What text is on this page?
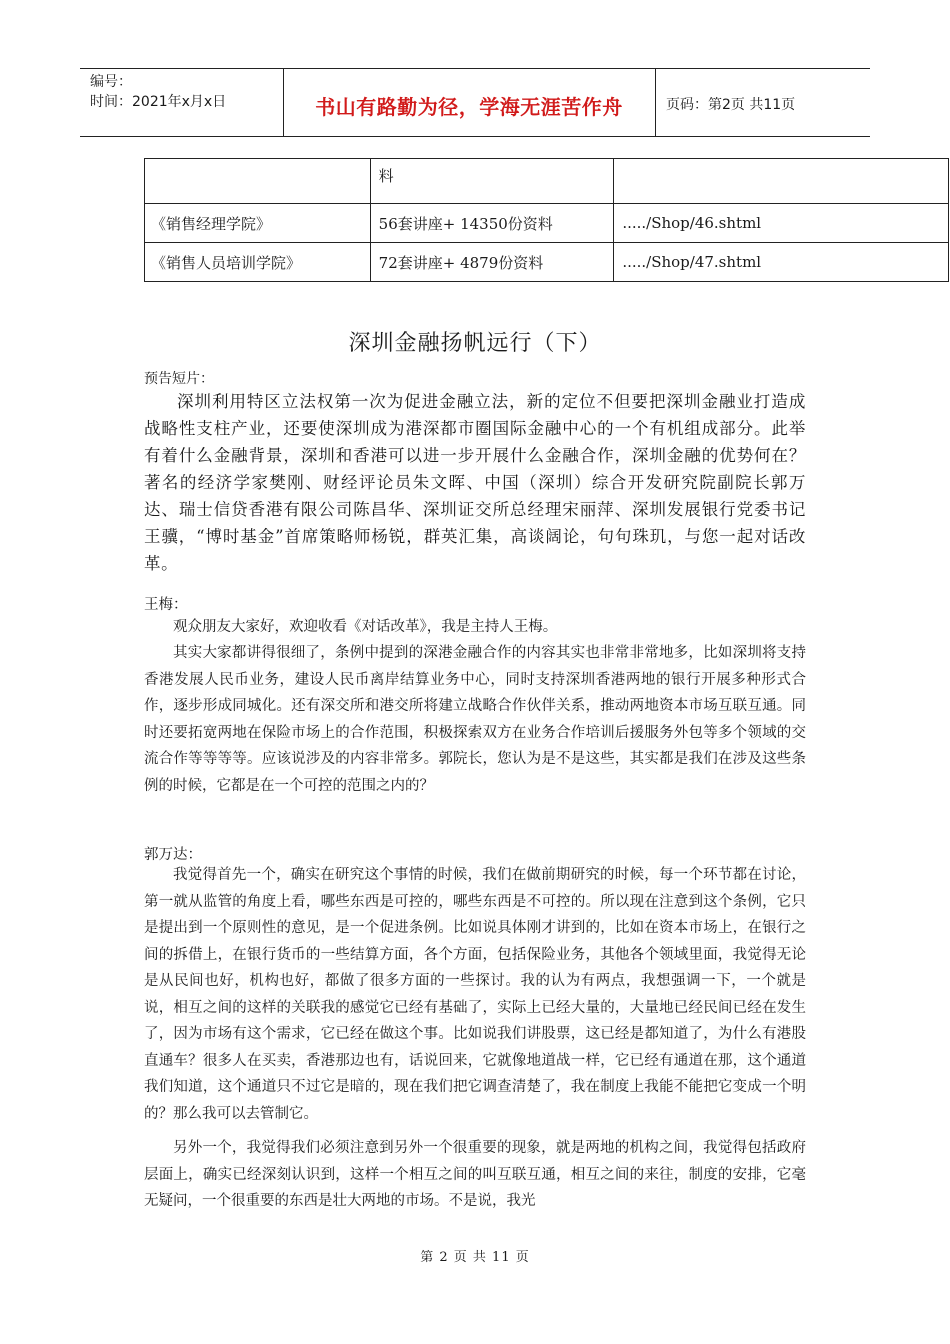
编号：
时间：2021年x月x日	书山有路勤为径，学海无涯苦作舟	页码：第2页 共11页
	料	
《销售经理学院》	56套讲座+ 14350份资料	...../Shop/46.shtml
《销售人员培训学院》	72套讲座+ 4879份资料	...../Shop/47.shtml
深圳金融扬帆远行（下）
预告短片：
深圳利用特区立法权第一次为促进金融立法，新的定位不但要把深圳金融业打造成战略性支柱产业，还要使深圳成为港深都市圈国际金融中心的一个有机组成部分。此举有着什么金融背景，深圳和香港可以进一步开展什么金融合作，深圳金融的优势何在？著名的经济学家樊刚、财经评论员朱文晖、中国（深圳）综合开发研究院副院长郭万达、瑞士信贷香港有限公司陈昌华、深圳证交所总经理宋丽萍、深圳发展银行党委书记王骥，“博时基金”首席策略师杨锐，群英汇集，高谈阔论，句句珠玑，与您一起对话改革。
王梅：

观众朋友大家好，欢迎收看《对话改革》，我是主持人王梅。

其实大家都讲得很细了，条例中提到的深港金融合作的内容其实也非常非常地多，比如深圳将支持香港发展人民币业务，建设人民币离岸结算业务中心，同时支持深圳香港两地的银行开展多种形式合作，逐步形成同城化。还有深交所和港交所将建立战略合作伙伴关系，推动两地资本市场互联互通。同时还要拓宽两地在保险市场上的合作范围，积极探索双方在业务合作培训后援服务外包等多个领域的交流合作等等等等。应该说涉及的内容非常多。郭院长，您认为是不是这些，其实都是我们在涉及这些条例的时候，它都是在一个可控的范围之内的？

郭万达：

我觉得首先一个，确实在研究这个事情的时候，我们在做前期研究的时候，每一个环节都在讨论，第一就从监管的角度上看，哪些东西是可控的，哪些东西是不可控的。所以现在注意到这个条例，它只是提出到一个原则性的意见，是一个促进条例。比如说具体刚才讲到的，比如在资本市场上，在银行之间的拆借上，在银行货币的一些结算方面，各个方面，包括保险业务，其他各个领域里面，我觉得无论是从民间也好，机构也好，都做了很多方面的一些探讨。我的认为有两点，我想强调一下，一个就是说，相互之间的这样的关联我的感觉它已经有基础了，实际上已经大量的，大量地已经民间已经在发生了，因为市场有这个需求，它已经在做这个事。比如说我们讲股票，这已经是都知道了，为什么有港股直通车？很多人在买卖，香港那边也有，话说回来，它就像地道战一样，它已经有通道在那，这个通道我们知道，这个通道只不过它是暗的，现在我们把它调查清楚了，我在制度上我能不能把它变成一个明的？那么我可以去管制它。

另外一个，我觉得我们必须注意到另外一个很重要的现象，就是两地的机构之间，我觉得包括政府层面上，确实已经深刻认识到，这样一个相互之间的叫互联互通，相互之间的来往，制度的安排，它毫无疑问，一个很重要的东西是壮大两地的市场。不是说，我光

第 2 页 共 11 页
